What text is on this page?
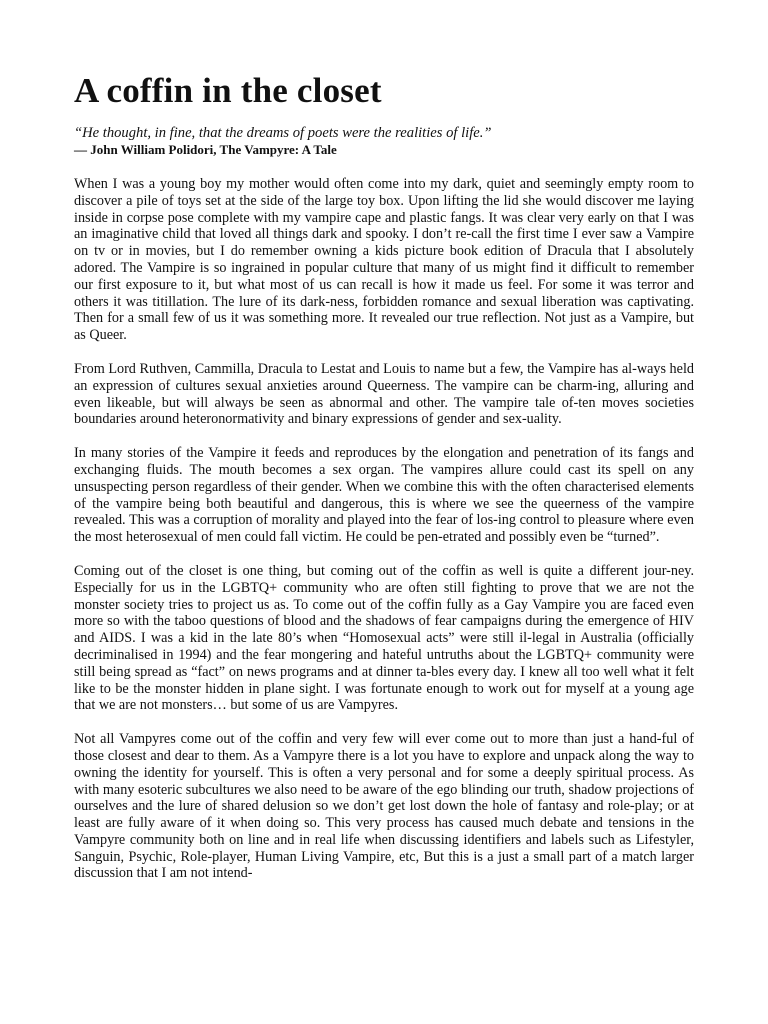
A coffin in the closet
“He thought, in fine, that the dreams of poets were the realities of life.”
— John William Polidori, The Vampyre: A Tale

When I was a young boy my mother would often come into my dark, quiet and seemingly empty room to discover a pile of toys set at the side of the large toy box. Upon lifting the lid she would discover me laying inside in corpse pose complete with my vampire cape and plastic fangs. It was clear very early on that I was an imaginative child that loved all things dark and spooky. I don’t re-call the first time I ever saw a Vampire on tv or in movies, but I do remember owning a kids picture book edition of Dracula that I absolutely adored. The Vampire is so ingrained in popular culture that many of us might find it difficult to remember our first exposure to it, but what most of us can recall is how it made us feel. For some it was terror and others it was titillation. The lure of its dark-ness, forbidden romance and sexual liberation was captivating. Then for a small few of us it was something more. It revealed our true reflection. Not just as a Vampire, but as Queer.

From Lord Ruthven, Cammilla, Dracula to Lestat and Louis to name but a few, the Vampire has al-ways held an expression of cultures sexual anxieties around Queerness. The vampire can be charm-ing, alluring and even likeable, but will always be seen as abnormal and other. The vampire tale of-ten moves societies boundaries around heteronormativity and binary expressions of gender and sex-uality.

In many stories of the Vampire it feeds and reproduces by the elongation and penetration of its fangs and exchanging fluids. The mouth becomes a sex organ. The vampires allure could cast its spell on any unsuspecting person regardless of their gender. When we combine this with the often characterised elements of the vampire being both beautiful and dangerous, this is where we see the queerness of the vampire revealed. This was a corruption of morality and played into the fear of los-ing control to pleasure where even the most heterosexual of men could fall victim. He could be pen-etrated and possibly even be “turned”.

Coming out of the closet is one thing, but coming out of the coffin as well is quite a different jour-ney. Especially for us in the LGBTQ+ community who are often still fighting to prove that we are not the monster society tries to project us as. To come out of the coffin fully as a Gay Vampire you are faced even more so with the taboo questions of blood and the shadows of fear campaigns during the emergence of HIV and AIDS. I was a kid in the late 80’s when “Homosexual acts” were still il-legal in Australia (officially decriminalised in 1994) and the fear mongering and hateful untruths about the LGBTQ+ community were still being spread as “fact” on news programs and at dinner ta-bles every day. I knew all too well what it felt like to be the monster hidden in plane sight. I was fortunate enough to work out for myself at a young age that we are not monsters… but some of us are Vampyres.

Not all Vampyres come out of the coffin and very few will ever come out to more than just a hand-ful of those closest and dear to them. As a Vampyre there is a lot you have to explore and unpack along the way to owning the identity for yourself. This is often a very personal and for some a deeply spiritual process. As with many esoteric subcultures we also need to be aware of the ego blinding our truth, shadow projections of ourselves and the lure of shared delusion so we don’t get lost down the hole of fantasy and role-play; or at least are fully aware of it when doing so. This very process has caused much debate and tensions in the Vampyre community both on line and in real life when discussing identifiers and labels such as Lifestyler, Sanguin, Psychic, Role-player, Human Living Vampire, etc, But this is a just a small part of a match larger discussion that I am not intend-
